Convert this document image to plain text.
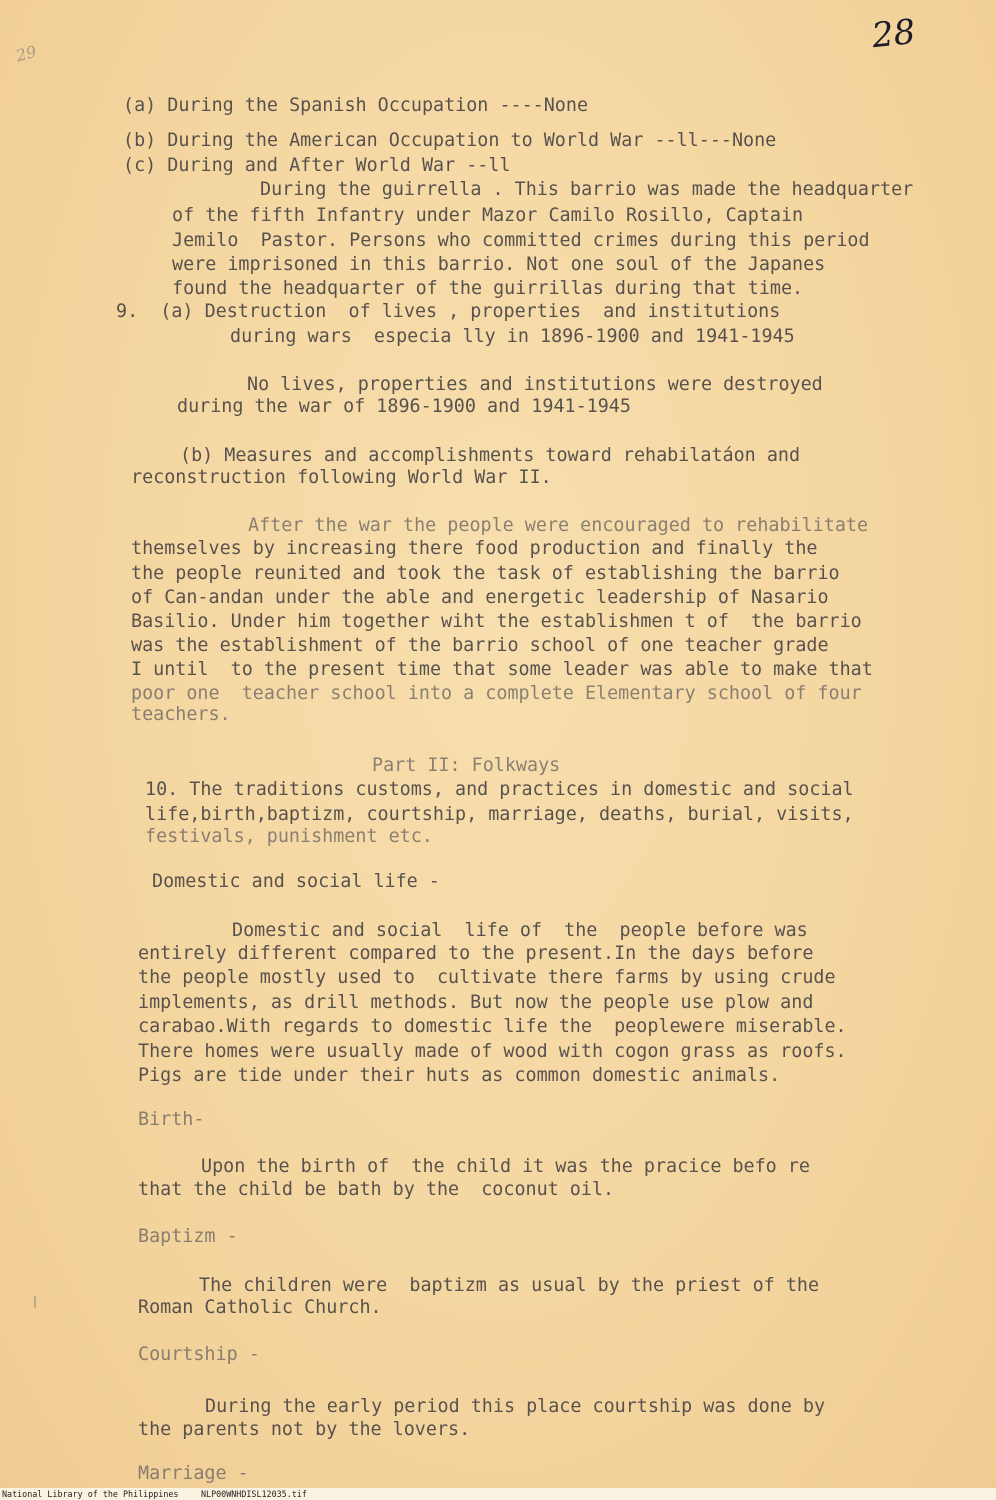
29	28
(a) During the Spanish Occupation ----None
(b) During the American Occupation to World War --ll---None
(c) During and After World War --ll
During the guirrella . This barrio was made the headquarter
of the fifth Infantry under Mazor Camilo Rosillo, Captain
Jemilo  Pastor. Persons who committed crimes during this period
were imprisoned in this barrio. Not one soul of the Japanes
found the headquarter of the guirrillas during that time.
9.  (a) Destruction  of lives , properties  and institutions
during wars  especia lly in 1896-1900 and 1941-1945
No lives, properties and institutions were destroyed
during the war of 1896-1900 and 1941-1945
(b) Measures and accomplishments toward rehabilatáon and
reconstruction following World War II.
After the war the people were encouraged to rehabilitate
themselves by increasing there food production and finally the
the people reunited and took the task of establishing the barrio
of Can-andan under the able and energetic leadership of Nasario
Basilio. Under him together wiht the establishmen t of  the barrio
was the establishment of the barrio school of one teacher grade
I until  to the present time that some leader was able to make that
poor one  teacher school into a complete Elementary school of four
teachers.
Part II: Folkways
10. The traditions customs, and practices in domestic and social
life,birth,baptizm, courtship, marriage, deaths, burial, visits,
festivals, punishment etc.
Domestic and social life -
Domestic and social  life of  the  people before was
entirely different compared to the present.In the days before
the people mostly used to  cultivate there farms by using crude
implements, as drill methods. But now the people use plow and
carabao.With regards to domestic life the  peoplewere miserable.
There homes were usually made of wood with cogon grass as roofs.
Pigs are tide under their huts as common domestic animals.
Birth-
Upon the birth of  the child it was the pracice befo re
that the child be bath by the  coconut oil.
Baptizm -
The children were  baptizm as usual by the priest of the
Roman Catholic Church.
Courtship -
During the early period this place courtship was done by
the parents not by the lovers.
Marriage -

National Library of the Philippines

	NLP00WNHDISL12035.tif
